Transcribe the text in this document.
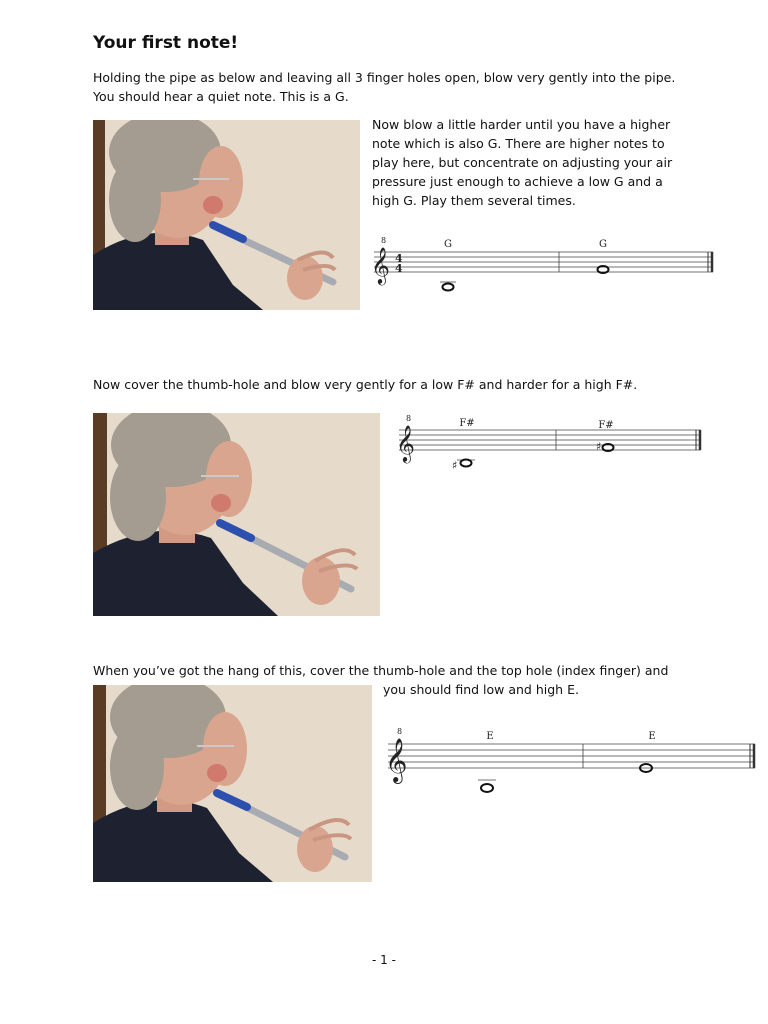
Your first note!

Holding the pipe as below and leaving all 3 finger holes open, blow very gently into the pipe. You should hear a quiet note. This is a G.

Now blow a little harder until you have a higher note which is also G. There are higher notes to play here, but concentrate on adjusting your air pressure just enough to achieve a low G and a high G. Play them several times.

𝄞
8
4
4
G	G

Now cover the thumb-hole and blow very gently for a low F# and harder for a high F#.

𝄞
8	F#
♯
F#
♯

When you’ve got the hang of this, cover the thumb-hole and the top hole (index finger) and

you should find low and high E.

𝄞
8	E	E
- 1 -
